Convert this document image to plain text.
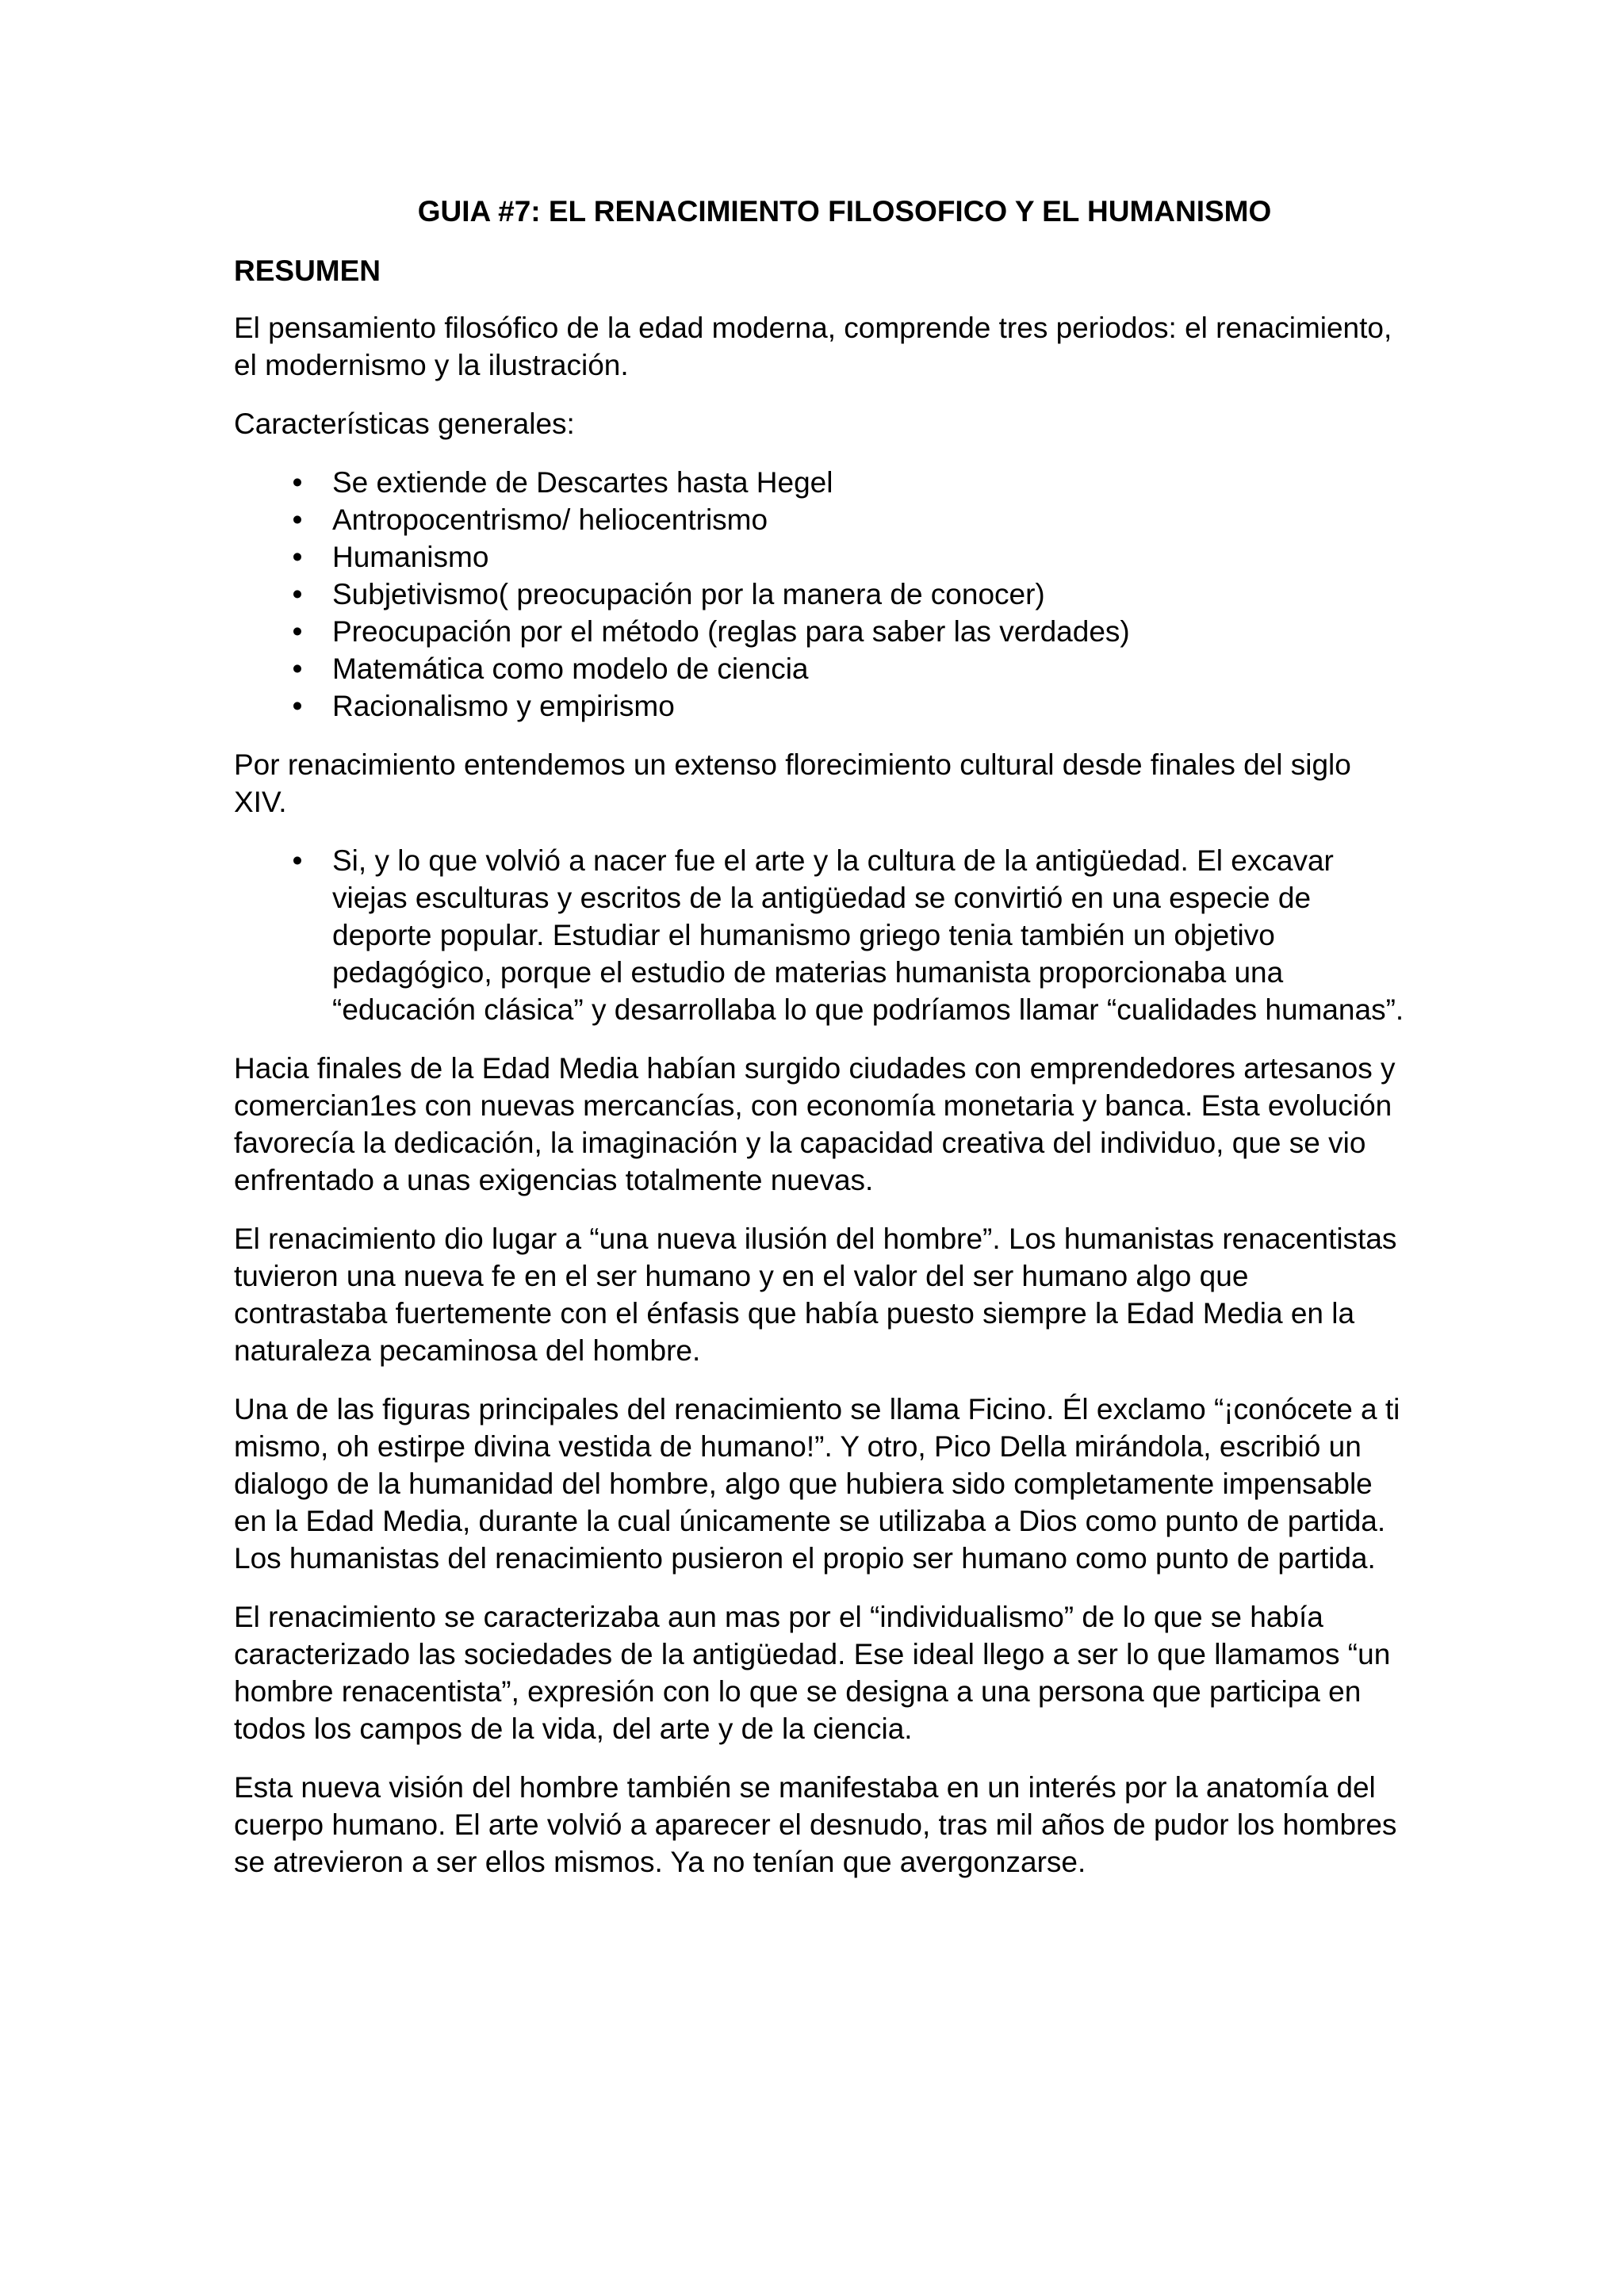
GUIA #7: EL RENACIMIENTO FILOSOFICO Y EL HUMANISMO
RESUMEN

El pensamiento filosófico de la edad moderna, comprende tres periodos: el renacimiento, el modernismo y la ilustración.

Características generales:

• Se extiende de Descartes hasta Hegel
• Antropocentrismo/ heliocentrismo
• Humanismo
• Subjetivismo( preocupación por la manera de conocer)
• Preocupación por el método (reglas para saber las verdades)
• Matemática como modelo de ciencia
• Racionalismo y empirismo

Por renacimiento entendemos un extenso florecimiento cultural desde finales del siglo XIV.

• Si, y lo que volvió a nacer fue el arte y la cultura de la antigüedad. El excavar viejas esculturas y escritos de la antigüedad se convirtió en una especie de deporte popular. Estudiar el humanismo griego tenia también un objetivo pedagógico, porque el estudio de materias humanista proporcionaba una “educación clásica” y desarrollaba lo que podríamos llamar “cualidades humanas”.

Hacia finales de la Edad Media habían surgido ciudades con emprendedores artesanos y comercian1es con nuevas mercancías, con economía monetaria y banca. Esta evolución favorecía la dedicación, la imaginación y la capacidad creativa del individuo, que se vio enfrentado a unas exigencias totalmente nuevas.

El renacimiento dio lugar a “una nueva ilusión del hombre”. Los humanistas renacentistas tuvieron una nueva fe en el ser humano y en el valor del ser humano algo que contrastaba fuertemente con el énfasis que había puesto siempre la Edad Media en la naturaleza pecaminosa del hombre.

Una de las figuras principales del renacimiento se llama Ficino. Él exclamo “¡conócete a ti mismo, oh estirpe divina vestida de humano!”. Y otro, Pico Della mirándola, escribió un dialogo de la humanidad del hombre, algo que hubiera sido completamente impensable en la Edad Media, durante la cual únicamente se utilizaba a Dios como punto de partida. Los humanistas del renacimiento pusieron el propio ser humano como punto de partida.

El renacimiento se caracterizaba aun mas por el “individualismo” de lo que se había caracterizado las sociedades de la antigüedad. Ese ideal llego a ser lo que llamamos “un hombre renacentista”, expresión con lo que se designa a una persona que participa en todos los campos de la vida, del arte y de la ciencia.

Esta nueva visión del hombre también se manifestaba en un interés por la anatomía del cuerpo humano. El arte volvió a aparecer el desnudo, tras mil años de pudor los hombres se atrevieron a ser ellos mismos. Ya no tenían que avergonzarse.
